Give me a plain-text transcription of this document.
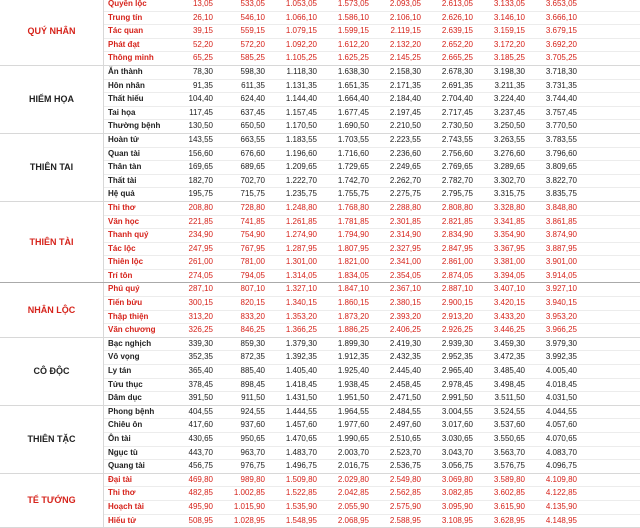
QUÝ NHÂN
Quyền lộc	13,05	533,05	1.053,05	1.573,05	2.093,05	2.613,05	3.133,05	3.653,05
Trung tín	26,10	546,10	1.066,10	1.586,10	2.106,10	2.626,10	3.146,10	3.666,10
Tác quan	39,15	559,15	1.079,15	1.599,15	2.119,15	2.639,15	3.159,15	3.679,15
Phát đạt	52,20	572,20	1.092,20	1.612,20	2.132,20	2.652,20	3.172,20	3.692,20
Thông minh	65,25	585,25	1.105,25	1.625,25	2.145,25	2.665,25	3.185,25	3.705,25
HIỂM HỌA
Ăn thành	78,30	598,30	1.118,30	1.638,30	2.158,30	2.678,30	3.198,30	3.718,30
Hôn nhân	91,35	611,35	1.131,35	1.651,35	2.171,35	2.691,35	3.211,35	3.731,35
Thất hiếu	104,40	624,40	1.144,40	1.664,40	2.184,40	2.704,40	3.224,40	3.744,40
Tai họa	117,45	637,45	1.157,45	1.677,45	2.197,45	2.717,45	3.237,45	3.757,45
Thường bệnh	130,50	650,50	1.170,50	1.690,50	2.210,50	2.730,50	3.250,50	3.770,50
THIÊN TAI
Hoàn tử	143,55	663,55	1.183,55	1.703,55	2.223,55	2.743,55	3.263,55	3.783,55
Quan tài	156,60	676,60	1.196,60	1.716,60	2.236,60	2.756,60	3.276,60	3.796,60
Thân tàn	169,65	689,65	1.209,65	1.729,65	2.249,65	2.769,65	3.289,65	3.809,65
Thất tài	182,70	702,70	1.222,70	1.742,70	2.262,70	2.782,70	3.302,70	3.822,70
Hệ quả	195,75	715,75	1.235,75	1.755,75	2.275,75	2.795,75	3.315,75	3.835,75
THIÊN TÀI
Thi thơ	208,80	728,80	1.248,80	1.768,80	2.288,80	2.808,80	3.328,80	3.848,80
Văn học	221,85	741,85	1.261,85	1.781,85	2.301,85	2.821,85	3.341,85	3.861,85
Thanh quý	234,90	754,90	1.274,90	1.794,90	2.314,90	2.834,90	3.354,90	3.874,90
Tác lộc	247,95	767,95	1.287,95	1.807,95	2.327,95	2.847,95	3.367,95	3.887,95
Thiên lộc	261,00	781,00	1.301,00	1.821,00	2.341,00	2.861,00	3.381,00	3.901,00
Trí tôn	274,05	794,05	1.314,05	1.834,05	2.354,05	2.874,05	3.394,05	3.914,05
NHÂN LỘC
Phú quý	287,10	807,10	1.327,10	1.847,10	2.367,10	2.887,10	3.407,10	3.927,10
Tiến bửu	300,15	820,15	1.340,15	1.860,15	2.380,15	2.900,15	3.420,15	3.940,15
Thập thiện	313,20	833,20	1.353,20	1.873,20	2.393,20	2.913,20	3.433,20	3.953,20
Văn chương	326,25	846,25	1.366,25	1.886,25	2.406,25	2.926,25	3.446,25	3.966,25
CÔ ĐỘC
Bạc nghịch	339,30	859,30	1.379,30	1.899,30	2.419,30	2.939,30	3.459,30	3.979,30
Vô vọng	352,35	872,35	1.392,35	1.912,35	2.432,35	2.952,35	3.472,35	3.992,35
Ly tán	365,40	885,40	1.405,40	1.925,40	2.445,40	2.965,40	3.485,40	4.005,40
Tửu thục	378,45	898,45	1.418,45	1.938,45	2.458,45	2.978,45	3.498,45	4.018,45
Dâm dục	391,50	911,50	1.431,50	1.951,50	2.471,50	2.991,50	3.511,50	4.031,50
THIÊN TẶC
Phong bệnh	404,55	924,55	1.444,55	1.964,55	2.484,55	3.004,55	3.524,55	4.044,55
Chiêu ôn	417,60	937,60	1.457,60	1.977,60	2.497,60	3.017,60	3.537,60	4.057,60
Ôn tài	430,65	950,65	1.470,65	1.990,65	2.510,65	3.030,65	3.550,65	4.070,65
Ngục tù	443,70	963,70	1.483,70	2.003,70	2.523,70	3.043,70	3.563,70	4.083,70
Quang tài	456,75	976,75	1.496,75	2.016,75	2.536,75	3.056,75	3.576,75	4.096,75
TỂ TƯỚNG
Đại tài	469,80	989,80	1.509,80	2.029,80	2.549,80	3.069,80	3.589,80	4.109,80
Thi thơ	482,85	1.002,85	1.522,85	2.042,85	2.562,85	3.082,85	3.602,85	4.122,85
Hoạch tài	495,90	1.015,90	1.535,90	2.055,90	2.575,90	3.095,90	3.615,90	4.135,90
Hiếu tử	508,95	1.028,95	1.548,95	2.068,95	2.588,95	3.108,95	3.628,95	4.148,95
